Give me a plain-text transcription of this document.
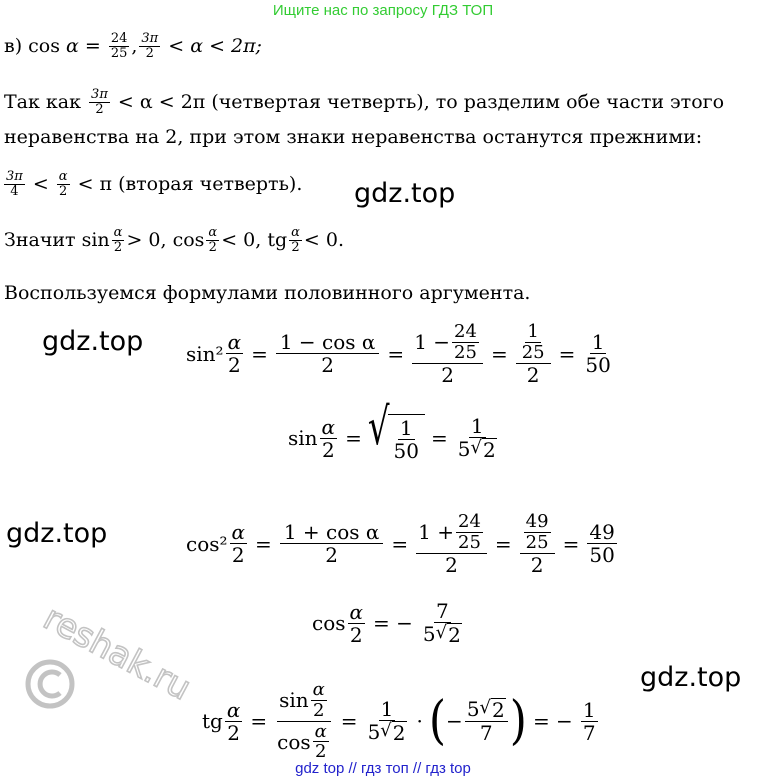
Ищите нас по запросу ГДЗ ТОП
в)
cos
$\alpha = \frac{24}{25}$ , 3π
2 < α < 2π;
Так как
3π
2
< α < 2π (четвертая четверть), то разделим обе части этого
неравенства на 2, при этом знаки неравенства останутся прежними:
3π
4 < α
2
< π (вторая четверть).
Значит sin α
2 > 0, cos α
2 < 0, tg α
2 < 0.
Воспользуемся формулами половинного аргумента.
$\sin^2 \frac{\alpha}{2} = \frac{\text{1 − cos α}}{2} = \frac{1 - \frac{24}{25}}{2} = \frac{\frac{1}{25}}{2} = \frac{1}{50}$
$\sin \frac{\alpha}{2}$ = √ 1
50
= $\frac{1}{5 √ 2}$
$\cos^2 \frac{\alpha}{2} = \frac{\text{1 + cos α}}{2} = \frac{1 + \frac{24}{25}}{2} = \frac{\frac{49}{25}}{2} = \frac{49}{50}$
$\cos \frac{\alpha}{2}$ = − $\frac{7}{5 √ 2}$
tg $\frac{\alpha}{2} = \sin \alpha$
2
cos α
$2 = \frac{1}{5 √ 2}$ · ( − $\frac{5 √ 2}{7}$ ) = − $\frac{1}{7}$
gdz.top
gdz.top
gdz.top
gdz.top
reshak.ru
gdz top // гдз топ // гдз top
